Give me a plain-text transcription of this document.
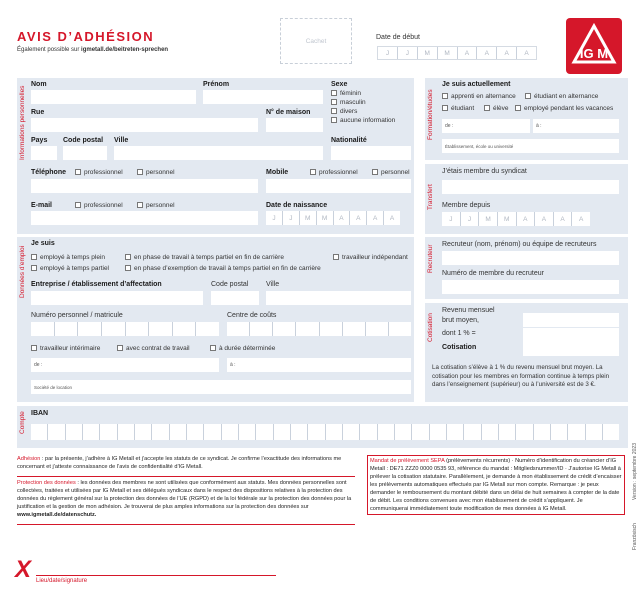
AVIS D’ADHÉSION
Également possible sur igmetall.de/beitreten-sprechen
Cachet	Date de début
J	J	M	M	A	A	A	A	IG M
Informations personnelles
Nom	Prénom	Sexe
féminin
masculin
divers
aucune information
Rue	N° de maison
Pays Code postal Ville	Nationalité
Téléphone	professionnel	personnel	Mobile	professionnel	personnel
E-mail	professionnel	personnel	Date de naissance
J	J	M	M	A	A	A	A
Formation/études
Je suis actuellement
apprenti en alternance	étudiant en alternance
étudiant	élève	employé pendant les vacances
de :	à :
Établissement, école ou université
Transfert
J’étais membre du syndicat
Membre depuis
J	J	M	M	A	A	A	A
Données d’emploi
Je suis
employé à temps plein	en phase de travail à temps partiel en fin de carrière	travailleur indépendant
employé à temps partiel	en phase d’exemption de travail à temps partiel en fin de carrière
Entreprise / établissement d’affectation	Code postal	Ville
Numéro personnel / matricule	Centre de coûts
travailleur intérimaire	avec contrat de travail	à durée déterminée
de :	à :
Société de location
Recruteur Recruteur (nom, prénom) ou équipe de recruteurs
Numéro de membre du recruteur
Cotisation
Revenu mensuel
brut moyen,
dont 1 % =
Cotisation
La cotisation s’élève à 1 % du revenu mensuel brut moyen. La cotisation pour les membres en formation continue à temps plein dans l’enseignement (supérieur) ou à l’université est de 3 €.
Compte IBAN
Adhésion : par la présente, j’adhère à IG Metall et j’accepte les statuts de ce syndicat. Je confirme l’exactitude des informations me concernant et j’atteste connaissance de l’avis de confidentialité d’IG Metall.
Protection des données : les données des membres ne sont utilisées que conformément aux statuts. Mes données personnelles sont collectées, traitées et utilisées par IG Metall et ses délégués syndicaux dans le respect des dispositions relatives à la protection des données du règlement général sur la protection des données de l’UE (RGPD) et de la loi fédérale sur la protection des données pour la justification et la gestion de mon adhésion. Je trouverai de plus amples informations sur la protection des données sur www.igmetall.de/datenschutz.
Mandat de prélèvement SEPA (prélèvements récurrents) · Numéro d’identification du créancier d’IG Metall : DE71 ZZZ0 0000 0535 93, référence du mandat : Mitgliedsnummer/ID · J’autorise IG Metall à prélever la cotisation statutaire. Parallèlement, je demande à mon établissement de crédit d’encaisser les prélèvements automatiques effectués par IG Metall sur mon compte. Remarque : je peux demander le remboursement du montant débité dans un délai de huit semaines à compter de la date de débit. Les conditions convenues avec mon établissement de crédit s’appliquent. Je communiquerai immédiatement toute modification de mes données à IG Metall.
Version : septembre 2023
Französisch
X Lieu/date/signature
